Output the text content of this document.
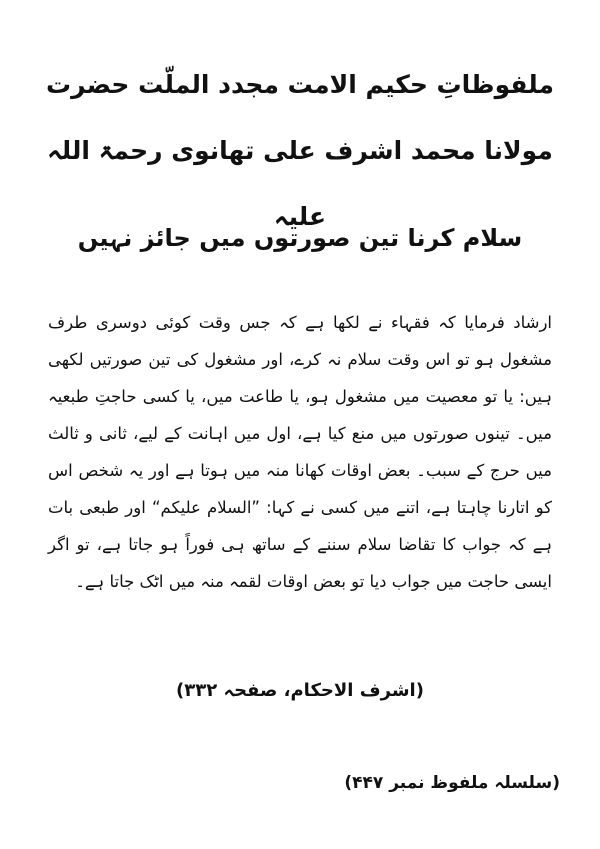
ملفوظاتِ حکیم الامت مجدد الملّت حضرت مولانا محمد اشرف علی تھانوی رحمۃ اللہ علیہ
سلام کرنا تین صورتوں میں جائز نہیں

ارشاد فرمایا کہ فقہاء نے لکھا ہے کہ جس وقت کوئی دوسری طرف مشغول ہو تو اس وقت سلام نہ کرے، اور مشغول کی تین صورتیں لکھی ہیں: یا تو معصیت میں مشغول ہو، یا طاعت میں، یا کسی حاجتِ طبعیہ میں۔ تینوں صورتوں میں منع کیا ہے، اول میں اہانت کے لیے، ثانی و ثالث میں حرج کے سبب۔ بعض اوقات کھانا منہ میں ہوتا ہے اور یہ شخص اس کو اتارنا چاہتا ہے، اتنے میں کسی نے کہا: ”السلام علیکم“ اور طبعی بات ہے کہ جواب کا تقاضا سلام سننے کے ساتھ ہی فوراً ہو جاتا ہے، تو اگر ایسی حاجت میں جواب دیا تو بعض اوقات لقمہ منہ میں اٹک جاتا ہے۔

(اشرف الاحکام، صفحہ ۳۳۲)
(سلسلہ ملفوظ نمبر ۴۴۷)
